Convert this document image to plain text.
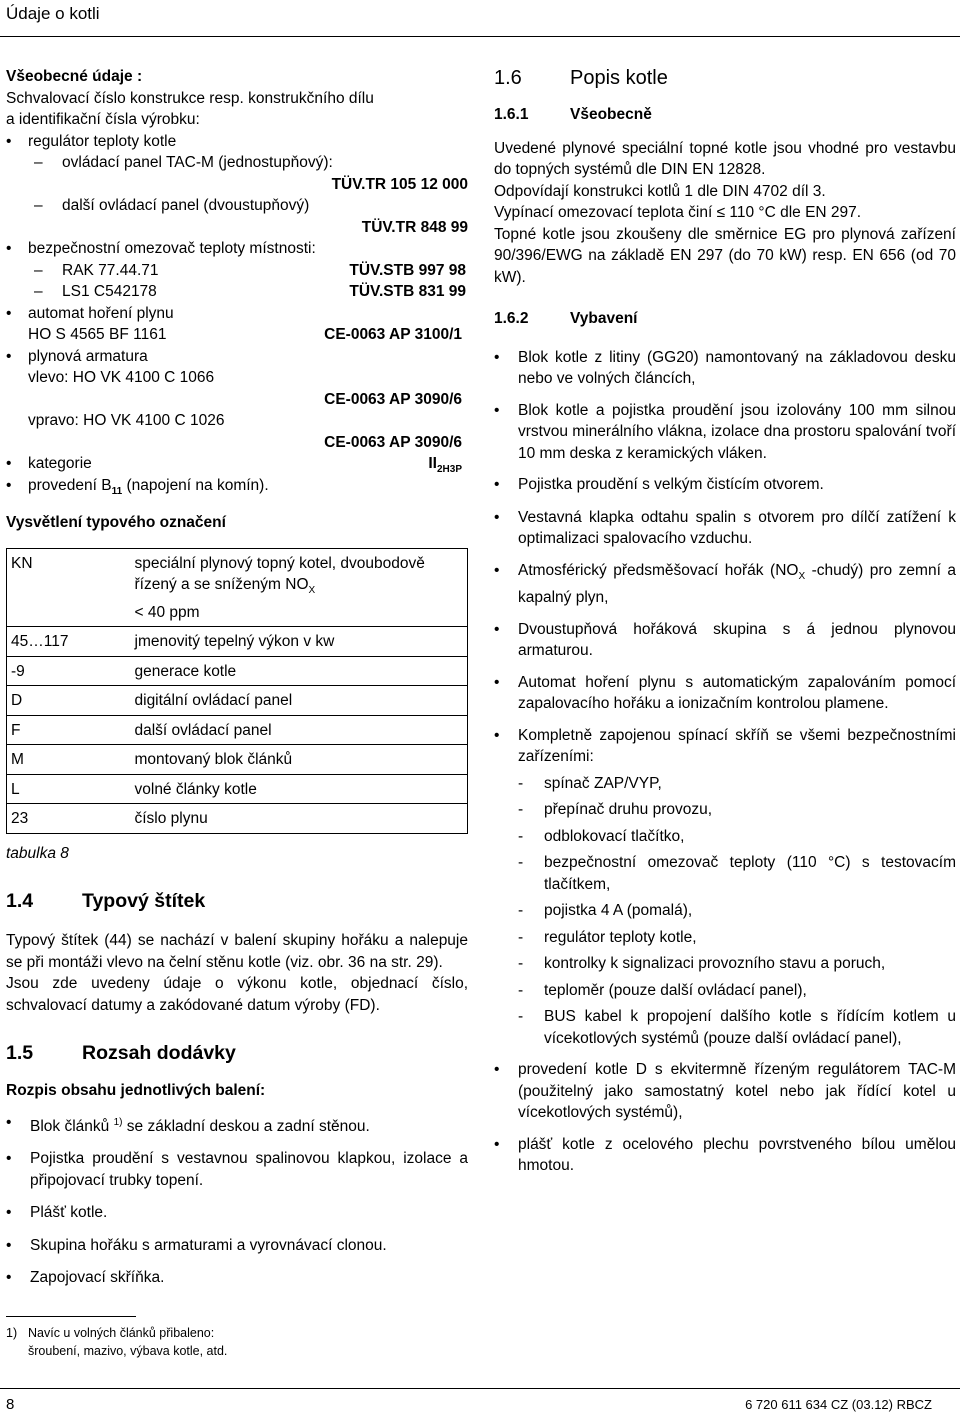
Údaje o kotli
Všeobecné údaje :
Schvalovací číslo konstrukce resp. konstrukčního dílu
a identifikační čísla výrobku:
• regulátor teploty kotle
– ovládací panel TAC-M (jednostupňový):
TÜV.TR 105 12 000
– další ovládací panel (dvoustupňový)
TÜV.TR 848 99
• bezpečnostní omezovač teploty místnosti:
– RAK 77.44.71	TÜV.STB 997 98
– LS1 C542178	TÜV.STB 831 99
• automat hoření plynu
HO S 4565 BF 1161	CE-0063 AP 3100/1
• plynová armatura
vlevo: HO VK 4100 C 1066
CE-0063 AP 3090/6
vpravo: HO VK 4100 C 1026
CE-0063 AP 3090/6
• kategorie	$II_{2H3P}$
• provedení $B_{11}$ (napojení na komín).
Vysvětlení typového označení
KN	speciální plynový topný kotel, dvoubodově řízený a se sníženým $NO_X$
< 40 ppm
45…117	jmenovitý tepelný výkon v kw
-9	generace kotle
D	digitální ovládací panel
F	další ovládací panel
M	montovaný blok článků
L	volné články kotle
23	číslo plynu
tabulka 8
1.4	Typový štítek

Typový štítek (44) se nachází v balení skupiny hořáku a nalepuje se při montáži vlevo na čelní stěnu kotle (viz. obr. 36 na str. 29).

Jsou zde uvedeny údaje o výkonu kotle, objednací číslo, schvalovací datumy a zakódované datum výroby (FD).

1.5	Rozsah dodávky
Rozpis obsahu jednotlivých balení:
• Blok článků $^{1)}$ se základní deskou a zadní stěnou.
• Pojistka proudění s vestavnou spalinovou klapkou, izolace a připojovací trubky topení.
• Plášť kotle.
• Skupina hořáku s armaturami a vyrovnávací clonou.
• Zapojovací skříňka.
1) Navíc u volných článků přibaleno:
šroubení, mazivo, výbava kotle, atd.
1.6	Popis kotle
1.6.1	Všeobecně

Uvedené plynové speciální topné kotle jsou vhodné pro vestavbu do topných systémů dle DIN EN 12828.

Odpovídají konstrukci kotlů 1 dle DIN 4702 díl 3.

Vypínací omezovací teplota činí ≤ 110 °C dle EN 297.

Topné kotle jsou zkoušeny dle směrnice EG pro plynová zařízení 90/396/EWG na základě EN 297 (do 70 kW) resp. EN 656 (od 70 kW).

1.6.2	Vybavení
• Blok kotle z litiny (GG20) namontovaný na základovou desku nebo ve volných článcích,
• Blok kotle a pojistka proudění jsou izolovány 100 mm silnou vrstvou minerálního vlákna, izolace dna prostoru spalování tvoří 10 mm deska z keramických vláken.
• Pojistka proudění s velkým čistícím otvorem.
• Vestavná klapka odtahu spalin s otvorem pro dílčí zatížení k optimalizaci spalovacího vzduchu.
• Atmosférický předsměšovací hořák ($NO_X$ -chudý) pro zemní a kapalný plyn,
• Dvoustupňová hořáková skupina s á jednou plynovou armaturou.
• Automat hoření plynu s automatickým zapalováním pomocí zapalovacího hořáku a ionizačním kontrolou plamene.
• Kompletně zapojenou spínací skříň se všemi bezpečnostními zařízeními:
- spínač ZAP/VYP,
- přepínač druhu provozu,
- odblokovací tlačítko,
- bezpečnostní omezovač teploty (110 °C) s testovacím tlačítkem,
- pojistka 4 A (pomalá),
- regulátor teploty kotle,
- kontrolky k signalizaci provozního stavu a poruch,
- teploměr (pouze další ovládací panel),
- BUS kabel k propojení dalšího kotle s řídícím kotlem u vícekotlových systémů (pouze další ovládací panel),
• provedení kotle D s ekvitermně řízeným regulátorem TAC-M (použitelný jako samostatný kotel nebo jak řídící kotel u vícekotlových systémů),
• plášť kotle z ocelového plechu povrstveného bílou umělou hmotou.
8	6 720 611 634 CZ (03.12) RBCZ
